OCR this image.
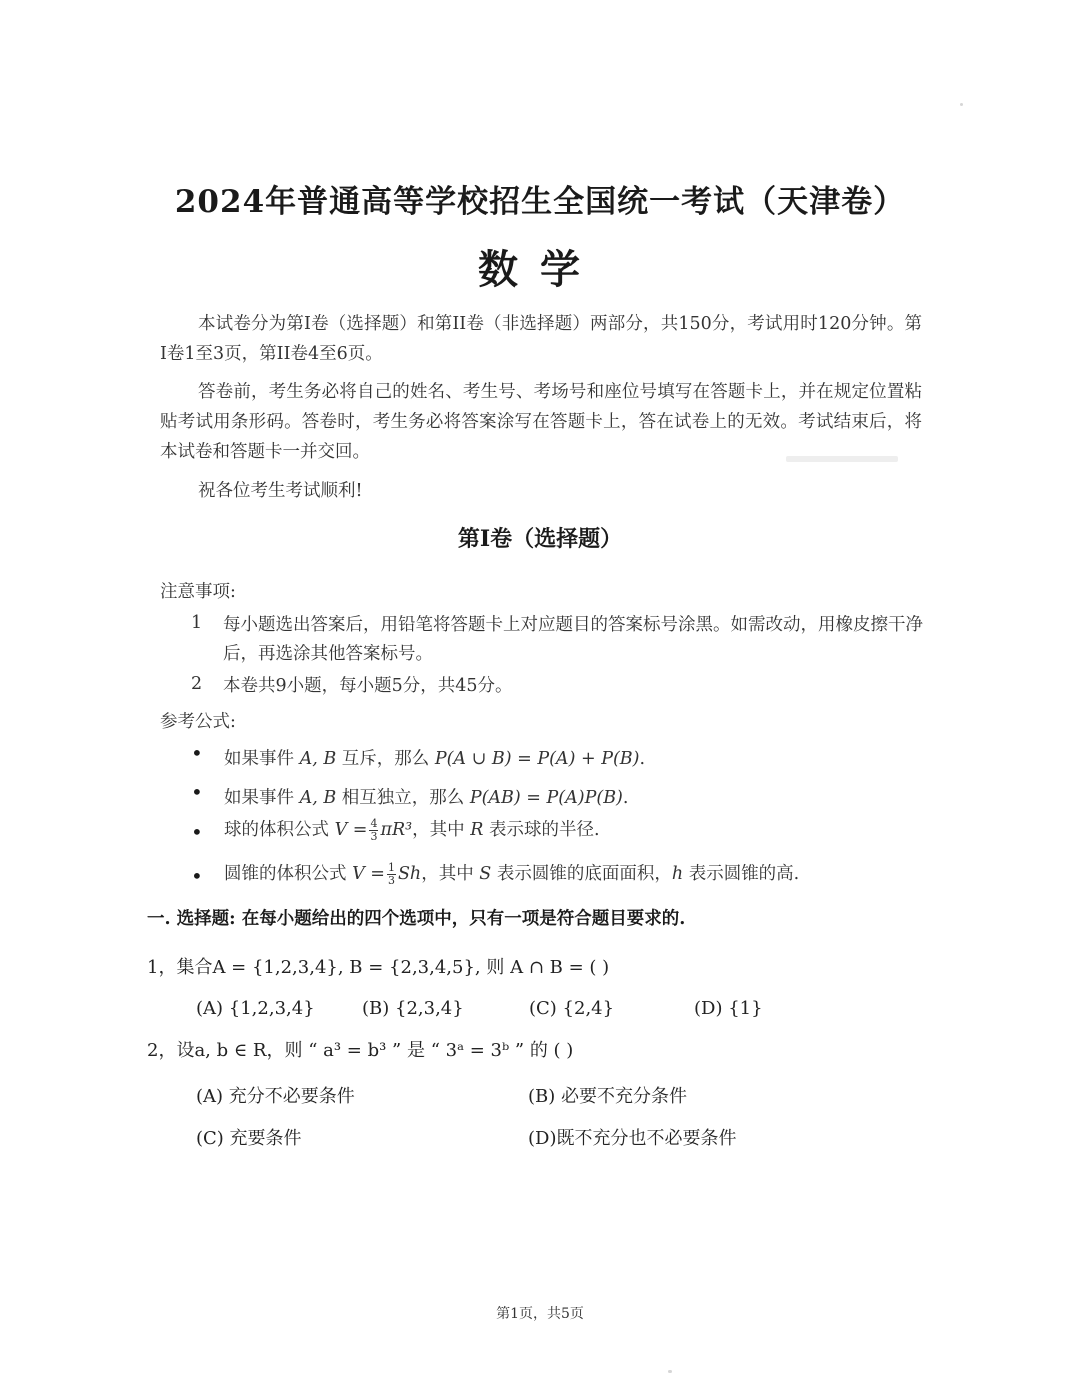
2024年普通高等学校招生全国统一考试（天津卷）
数学
本试卷分为第I卷（选择题）和第II卷（非选择题）两部分，共150分，考试用时120分钟。第I卷1至3页，第II卷4至6页。
答卷前，考生务必将自己的姓名、考生号、考场号和座位号填写在答题卡上，并在规定位置粘贴考试用条形码。答卷时，考生务必将答案涂写在答题卡上，答在试卷上的无效。考试结束后，将本试卷和答题卡一并交回。
祝各位考生考试顺利!
第I卷（选择题）
注意事项:
1 每小题选出答案后，用铅笔将答题卡上对应题目的答案标号涂黑。如需改动，用橡皮擦干净后，再选涂其他答案标号。
2 本卷共9小题，每小题5分，共45分。
参考公式:
• 如果事件 A, B 互斥，那么 P(A ∪ B) = P(A) + P(B).
• 如果事件 A, B 相互独立，那么 P(AB) = P(A)P(B).
• 球的体积公式 $V = \frac{4}{3} \pi R^3$，其中 R 表示球的半径.
• 圆锥的体积公式 $V = \frac{1}{3}$ Sh，其中 S 表示圆锥的底面面积，h 表示圆锥的高.
一. 选择题: 在每小题给出的四个选项中，只有一项是符合题目要求的.
1，集合A = {1,2,3,4}, B = {2,3,4,5}, 则 A ∩ B = ( )
(A) {1,2,3,4}	(B) {2,3,4}	(C) {2,4}	(D) {1}
2，设a, b ∈ R，则 “ a³ = b³ ” 是 “ 3ᵃ = 3ᵇ ” 的 ( )
(A) 充分不必要条件	(B) 必要不充分条件
(C) 充要条件	(D)既不充分也不必要条件
第1页，共5页
